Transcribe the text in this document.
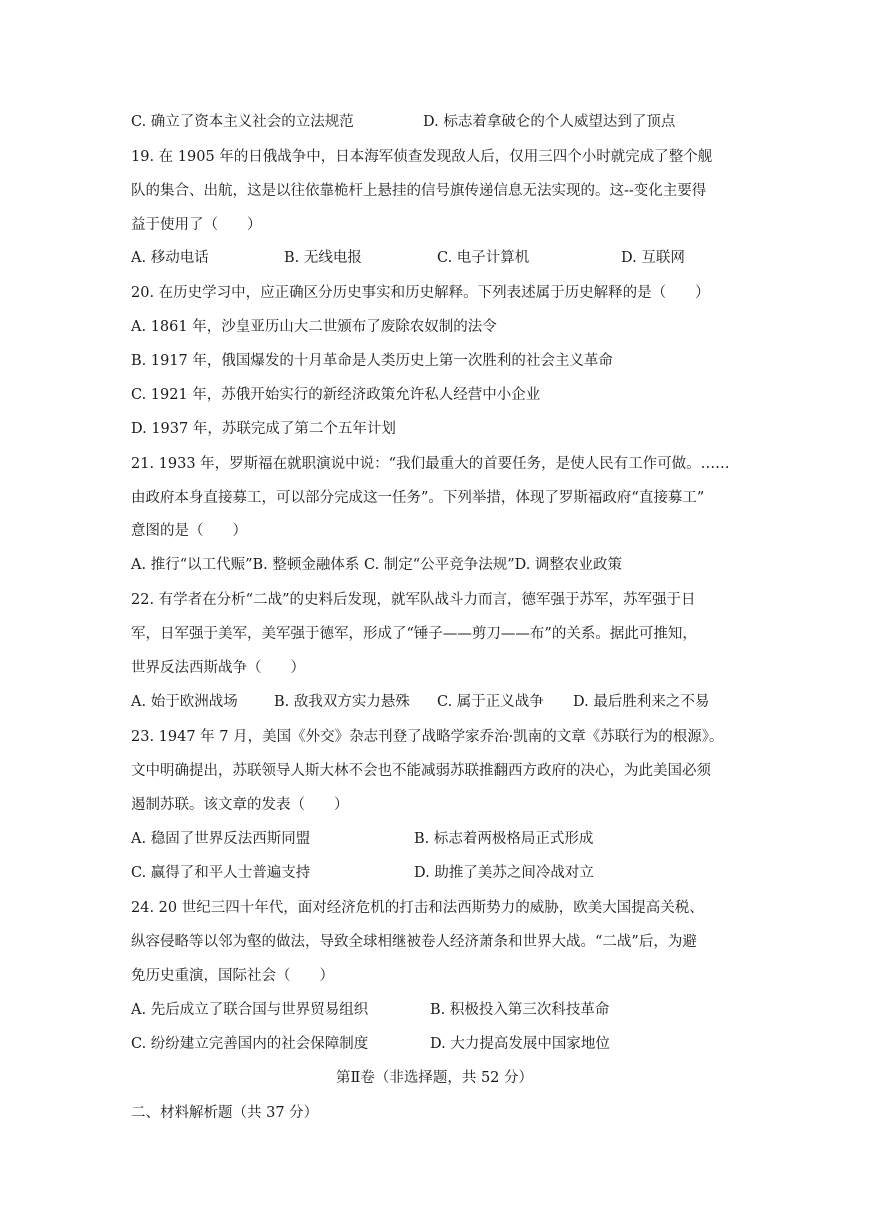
C. 确立了资本主义社会的立法规范	D. 标志着拿破仑的个人威望达到了顶点
19. 在 1905 年的日俄战争中，日本海军侦查发现敌人后，仅用三四个小时就完成了整个舰
队的集合、出航，这是以往依靠桅杆上悬挂的信号旗传递信息无法实现的。这--变化主要得
益于使用了（　　）
A. 移动电话	B. 无线电报	C. 电子计算机	D. 互联网
20. 在历史学习中，应正确区分历史事实和历史解释。下列表述属于历史解释的是（　　）
A. 1861 年，沙皇亚历山大二世颁布了废除农奴制的法令
B. 1917 年，俄国爆发的十月革命是人类历史上第一次胜利的社会主义革命
C. 1921 年，苏俄开始实行的新经济政策允许私人经营中小企业
D. 1937 年，苏联完成了第二个五年计划
21. 1933 年，罗斯福在就职演说中说：“我们最重大的首要任务，是使人民有工作可做。……
由政府本身直接募工，可以部分完成这一任务”。下列举措，体现了罗斯福政府“直接募工”
意图的是（　　）
A. 推行“以工代赈”B. 整顿金融体系 C. 制定“公平竞争法规”D. 调整农业政策
22. 有学者在分析“二战”的史料后发现，就军队战斗力而言，德军强于苏军，苏军强于日
军，日军强于美军，美军强于德军，形成了“锤子——剪刀——布”的关系。据此可推知，
世界反法西斯战争（　　）
A. 始于欧洲战场	B. 敌我双方实力悬殊 C. 属于正义战争 D. 最后胜利来之不易
23. 1947 年 7 月，美国《外交》杂志刊登了战略学家乔治·凯南的文章《苏联行为的根源》。
文中明确提出，苏联领导人斯大林不会也不能减弱苏联推翻西方政府的决心，为此美国必须
遏制苏联。该文章的发表（　　）
A. 稳固了世界反法西斯同盟	B. 标志着两极格局正式形成
C. 赢得了和平人士普遍支持	D. 助推了美苏之间冷战对立
24. 20 世纪三四十年代，面对经济危机的打击和法西斯势力的威胁，欧美大国提高关税、
纵容侵略等以邻为壑的做法，导致全球相继被卷人经济萧条和世界大战。“二战”后，为避
免历史重演，国际社会（　　）
A. 先后成立了联合国与世界贸易组织	B. 积极投入第三次科技革命
C. 纷纷建立完善国内的社会保障制度	D. 大力提高发展中国家地位
第Ⅱ卷（非选择题，共 52 分）
二、材料解析题（共 37 分）
